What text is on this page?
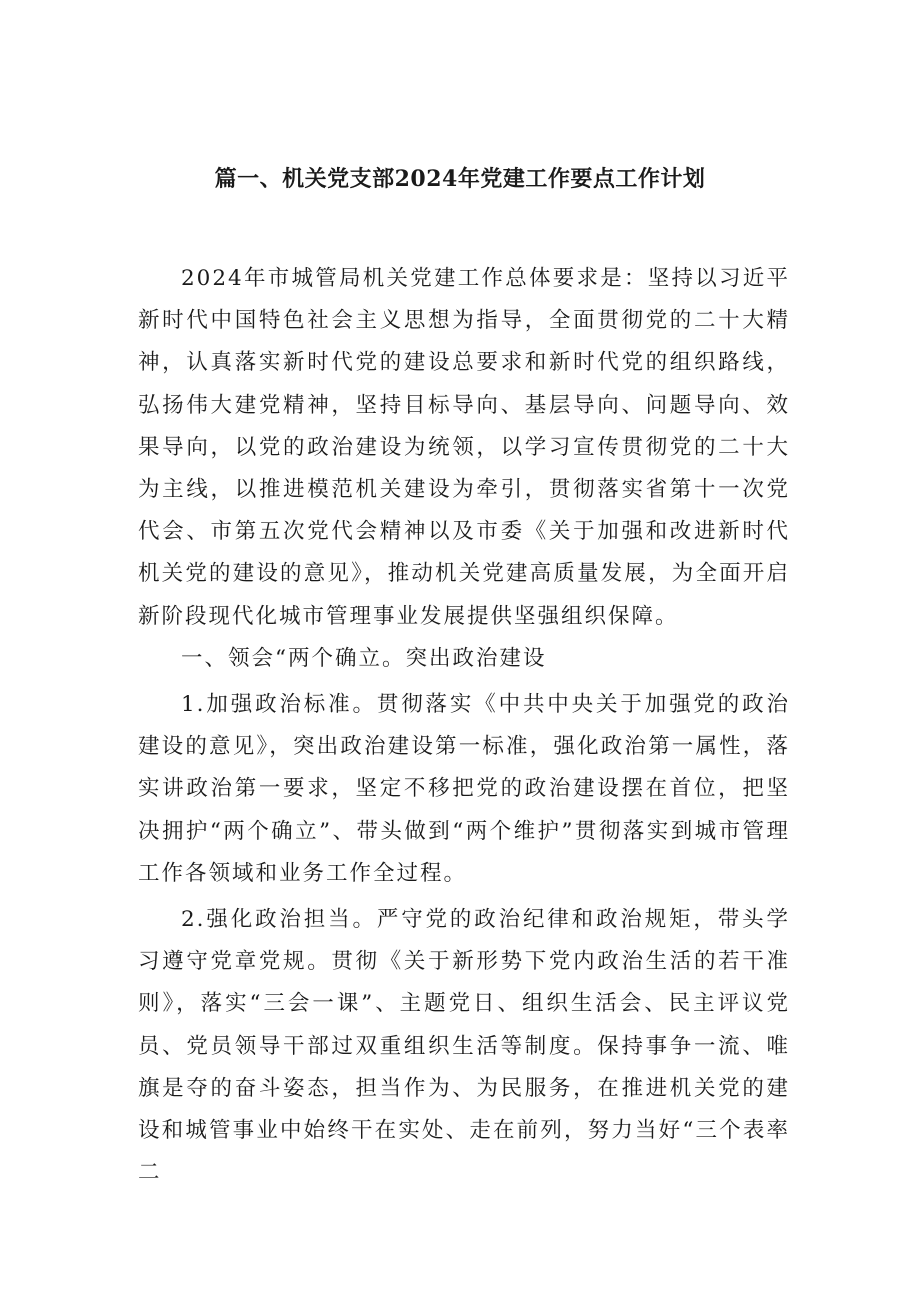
篇一、机关党支部2024年党建工作要点工作计划

2024年市城管局机关党建工作总体要求是：坚持以习近平新时代中国特色社会主义思想为指导，全面贯彻党的二十大精神，认真落实新时代党的建设总要求和新时代党的组织路线，弘扬伟大建党精神，坚持目标导向、基层导向、问题导向、效果导向，以党的政治建设为统领，以学习宣传贯彻党的二十大为主线，以推进模范机关建设为牵引，贯彻落实省第十一次党代会、市第五次党代会精神以及市委《关于加强和改进新时代机关党的建设的意见》，推动机关党建高质量发展，为全面开启新阶段现代化城市管理事业发展提供坚强组织保障。

一、领会“两个确立。突出政治建设

1.加强政治标准。贯彻落实《中共中央关于加强党的政治建设的意见》，突出政治建设第一标准，强化政治第一属性，落实讲政治第一要求，坚定不移把党的政治建设摆在首位，把坚决拥护“两个确立”、带头做到“两个维护”贯彻落实到城市管理工作各领域和业务工作全过程。

2.强化政治担当。严守党的政治纪律和政治规矩，带头学习遵守党章党规。贯彻《关于新形势下党内政治生活的若干准则》，落实“三会一课”、主题党日、组织生活会、民主评议党员、党员领导干部过双重组织生活等制度。保持事争一流、唯旗是夺的奋斗姿态，担当作为、为民服务，在推进机关党的建设和城管事业中始终干在实处、走在前列，努力当好“三个表率二
